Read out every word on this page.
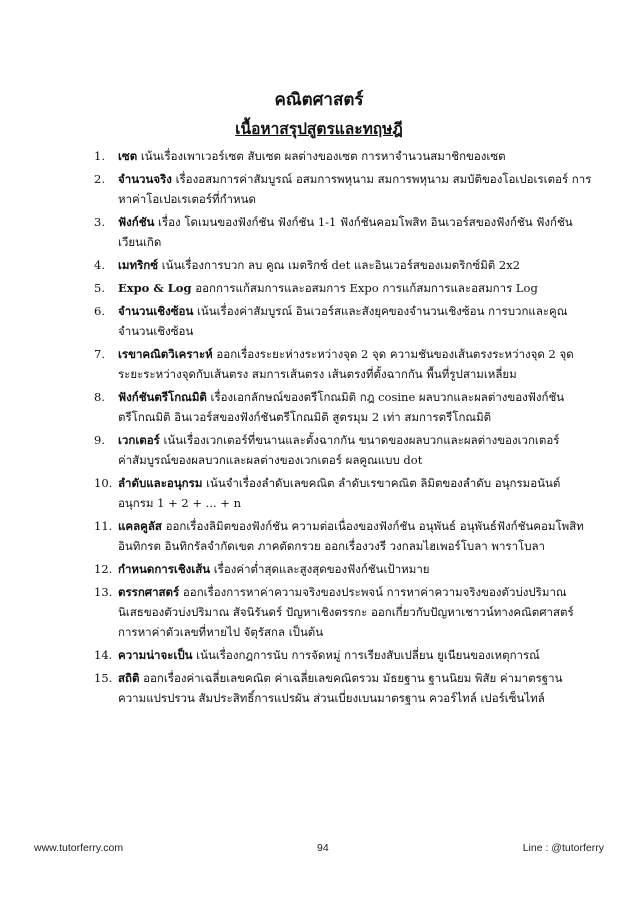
คณิตศาสตร์
เนื้อหาสรุปสูตรและทฤษฎี
1.	เซต เน้นเรื่องเพาเวอร์เซต สับเซต ผลต่างของเซต การหาจำนวนสมาชิกของเซต
2.	จำนวนจริง เรื่องอสมการค่าสัมบูรณ์ อสมการพหุนาม สมการพหุนาม สมบัติของโอเปอเรเตอร์ การหาค่าโอเปอเรเตอร์ที่กำหนด
3.	ฟังก์ชัน เรื่อง โดเมนของฟังก์ชัน ฟังก์ชัน 1-1 ฟังก์ชันคอมโพสิท อินเวอร์สของฟังก์ชัน ฟังก์ชันเวียนเกิด
4.	เมทริกซ์ เน้นเรื่องการบวก ลบ คูณ เมตริกซ์ det และอินเวอร์สของเมตริกซ์มิติ 2x2
5.	Expo & Log ออกการแก้สมการและอสมการ Expo การแก้สมการและอสมการ Log
6.	จำนวนเชิงซ้อน เน้นเรื่องค่าสัมบูรณ์ อินเวอร์สและสังยุคของจำนวนเชิงซ้อน การบวกและคูณจำนวนเชิงซ้อน
7.	เรขาคณิตวิเคราะห์ ออกเรื่องระยะห่างระหว่างจุด 2 จุด ความชันของเส้นตรงระหว่างจุด 2 จุด ระยะระหว่างจุดกับเส้นตรง สมการเส้นตรง เส้นตรงที่ตั้งฉากกัน พื้นที่รูปสามเหลี่ยม
8.	ฟังก์ชันตรีโกณมิติ เรื่องเอกลักษณ์ของตรีโกณมิติ กฎ cosine ผลบวกและผลต่างของฟังก์ชันตรีโกณมิติ อินเวอร์สของฟังก์ชันตรีโกณมิติ สูตรมุม 2 เท่า สมการตรีโกณมิติ
9.	เวกเตอร์ เน้นเรื่องเวกเตอร์ที่ขนานและตั้งฉากกัน ขนาดของผลบวกและผลต่างของเวกเตอร์ ค่าสัมบูรณ์ของผลบวกและผลต่างของเวกเตอร์ ผลคูณแบบ dot
10. ลำดับและอนุกรม เน้นจำเรื่องลำดับเลขคณิต ลำดับเรขาคณิต ลิมิตของลำดับ อนุกรมอนันต์ อนุกรม 1 + 2 + ... + n
11. แคลคูลัส ออกเรื่องลิมิตของฟังก์ชัน ความต่อเนื่องของฟังก์ชัน อนุพันธ์ อนุพันธ์ฟังก์ชันคอมโพสิท อินทิกรต อินทิกรัลจำกัดเขต ภาคตัดกรวย ออกเรื่องวงรี วงกลมไฮเพอร์โบลา พาราโบลา
12. กำหนดการเชิงเส้น เรื่องค่าต่ำสุดและสูงสุดของฟังก์ชันเป้าหมาย
13. ตรรกศาสตร์ ออกเรื่องการหาค่าความจริงของประพจน์ การหาค่าความจริงของตัวบ่งปริมาณ นิเสธของตัวบ่งปริมาณ สัจนิรันดร์ ปัญหาเชิงตรรกะ ออกเกี่ยวกับปัญหาเชาวน์ทางคณิตศาสตร์ การหาค่าตัวเลขที่หายไป จัตุรัสกล เป็นต้น
14. ความน่าจะเป็น เน้นเรื่องกฎการนับ การจัดหมู่ การเรียงสับเปลี่ยน ยูเนียนของเหตุการณ์
15. สถิติ ออกเรื่องค่าเฉลี่ยเลขคณิต ค่าเฉลี่ยเลขคณิตรวม มัธยฐาน ฐานนิยม พิสัย ค่ามาตรฐาน ความแปรปรวน สัมประสิทธิ์การแปรผัน ส่วนเบี่ยงเบนมาตรฐาน ควอร์ไทล์ เปอร์เซ็นไทล์
www.tutorferry.com	94	Line : @tutorferry
